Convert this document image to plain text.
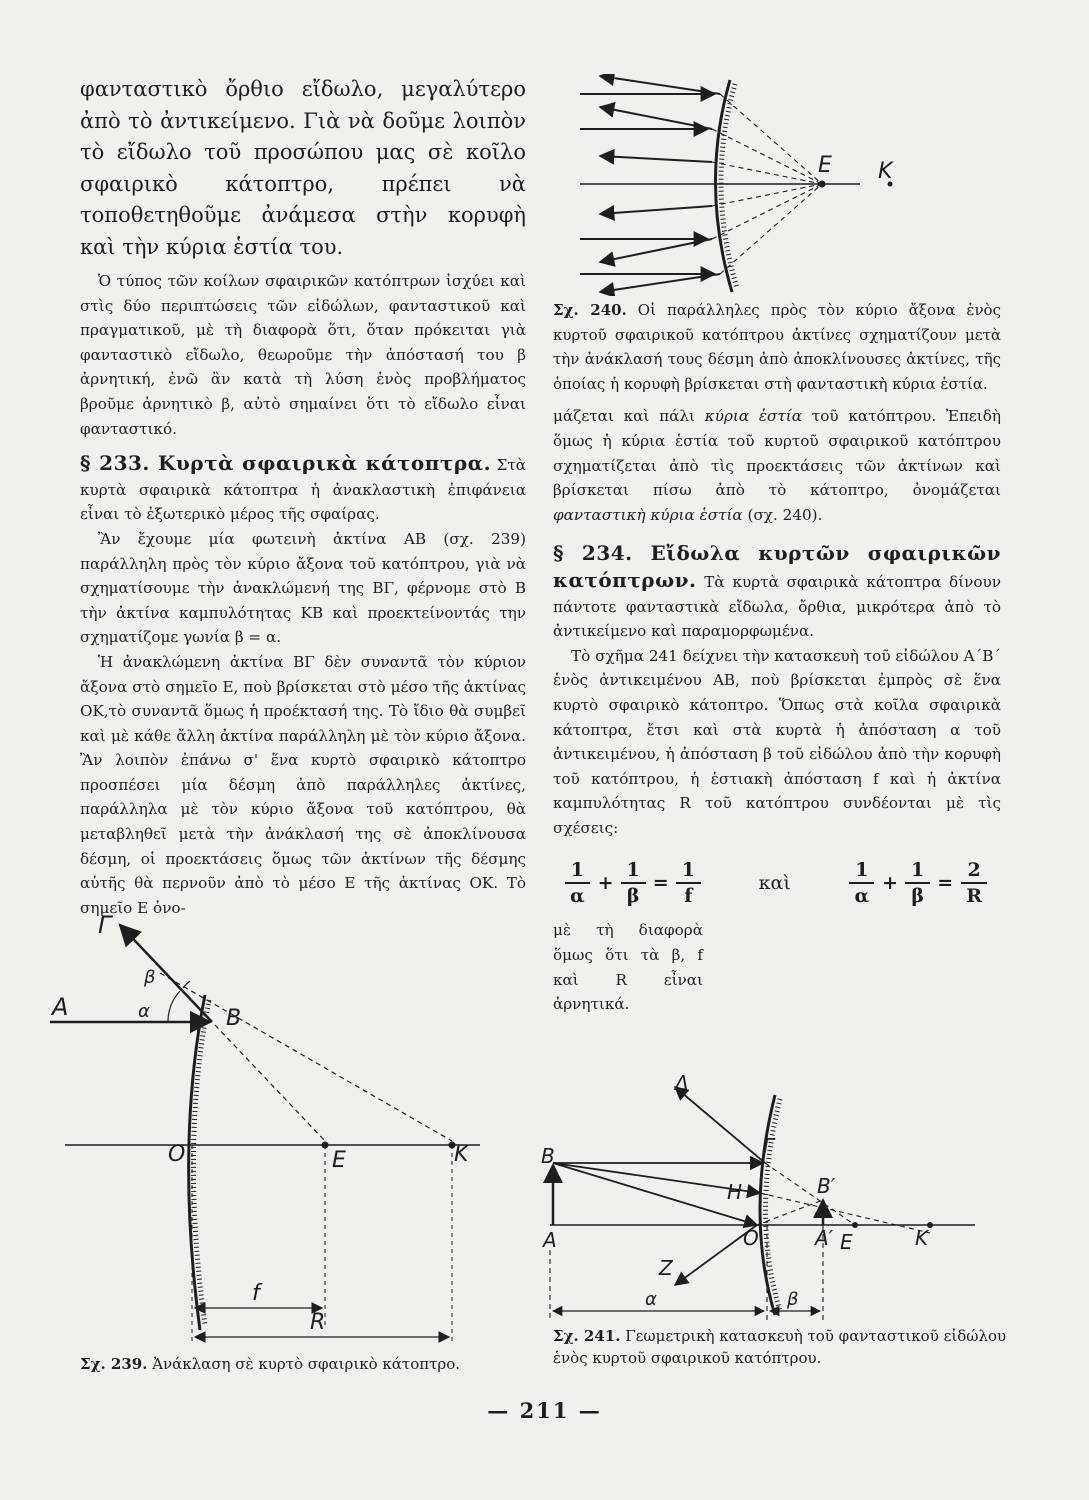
φανταστικὸ ὄρθιο εἴδωλο, μεγαλύτερο ἀπὸ τὸ ἀντικείμενο. Γιὰ νὰ δοῦμε λοιπὸν τὸ εἴδωλο τοῦ προσώπου μας σὲ κοῖλο σφαιρικὸ κάτοπτρο, πρέπει νὰ τοποθετηθοῦμε ἀνάμεσα στὴν κορυφὴ καὶ τὴν κύρια ἑστία του.

Ὁ τύπος τῶν κοίλων σφαιρικῶν κατόπτρων ἰσχύει καὶ στὶς δύο περιπτώσεις τῶν εἰδώλων, φανταστικοῦ καὶ πραγματικοῦ, μὲ τὴ διαφορὰ ὅτι, ὅταν πρόκειται γιὰ φανταστικὸ εἴδωλο, θεωροῦμε τὴν ἀπόστασή του β ἀρνητική, ἐνῶ ἂν κατὰ τὴ λύση ἑνὸς προβλήματος βροῦμε ἀρνητικὸ β, αὐτὸ σημαίνει ὅτι τὸ εἴδωλο εἶναι φανταστικό.

§ 233. Κυρτὰ σφαιρικὰ κάτοπτρα. Στὰ κυρτὰ σφαιρικὰ κάτοπτρα ἡ ἀνακλαστικὴ ἐπιφάνεια εἶναι τὸ ἐξωτερικὸ μέρος τῆς σφαίρας.

Ἂν ἔχουμε μία φωτεινὴ ἀκτίνα ΑΒ (σχ. 239) παράλληλη πρὸς τὸν κύριο ἄξονα τοῦ κατόπτρου, γιὰ νὰ σχηματίσουμε τὴν ἀνακλώμενή της ΒΓ, φέρνομε στὸ Β τὴν ἀκτίνα καμπυλότητας ΚΒ καὶ προεκτείνοντάς την σχηματίζομε γωνία β = α.

Ἡ ἀνακλώμενη ἀκτίνα ΒΓ δὲν συναντᾶ τὸν κύριον ἄξονα στὸ σημεῖο Ε, ποὺ βρίσκεται στὸ μέσο τῆς ἀκτίνας ΟΚ,τὸ συναντᾶ ὅμως ἡ προέκτασή της. Τὸ ἴδιο θὰ συμβεῖ καὶ μὲ κάθε ἄλλη ἀκτίνα παράλληλη μὲ τὸν κύριο ἄξονα. Ἂν λοιπὸν ἐπάνω σ' ἕνα κυρτὸ σφαιρικὸ κάτοπτρο προσπέσει μία δέσμη ἀπὸ παράλληλες ἀκτίνες, παράλληλα μὲ τὸν κύριο ἄξονα τοῦ κατόπτρου, θὰ μεταβληθεῖ μετὰ τὴν ἀνάκλασή της σὲ ἀποκλίνουσα δέσμη, οἱ προεκτάσεις ὅμως τῶν ἀκτίνων τῆς δέσμης αὐτῆς θὰ περνοῦν ἀπὸ τὸ μέσο Ε τῆς ἀκτίνας ΟΚ. Τὸ σημεῖο Ε ὀνο-

Γ
β
α
A	B
O	E	K
f
R
Σχ. 239. Ἀνάκλαση σὲ κυρτὸ σφαιρικὸ κάτοπτρο.
E K

Σχ. 240. Οἱ παράλληλες πρὸς τὸν κύριο ἄξονα ἑνὸς κυρτοῦ σφαιρικοῦ κατόπτρου ἀκτίνες σχηματίζουν μετὰ τὴν ἀνάκλασή τους δέσμη ἀπὸ ἀποκλίνουσες ἀκτίνες, τῆς ὁποίας ἡ κορυφὴ βρίσκεται στὴ φανταστικὴ κύρια ἑστία.

μάζεται καὶ πάλι κύρια ἑστία τοῦ κατόπτρου. Ἐπειδὴ ὅμως ἡ κύρια ἑστία τοῦ κυρτοῦ σφαιρικοῦ κατόπτρου σχηματίζεται ἀπὸ τὶς προεκτάσεις τῶν ἀκτίνων καὶ βρίσκεται πίσω ἀπὸ τὸ κάτοπτρο, ὀνομάζεται φανταστικὴ κύρια ἑστία (σχ. 240).

§ 234. Εἴδωλα κυρτῶν σφαιρικῶν κατόπτρων. Τὰ κυρτὰ σφαιρικὰ κάτοπτρα δίνουν πάντοτε φανταστικὰ εἴδωλα, ὄρθια, μικρότερα ἀπὸ τὸ ἀντικείμενο καὶ παραμορφωμένα.

Τὸ σχῆμα 241 δείχνει τὴν κατασκευὴ τοῦ εἰδώλου Α΄Β΄ ἑνὸς ἀντικειμένου ΑΒ, ποὺ βρίσκεται ἐμπρὸς σὲ ἕνα κυρτὸ σφαιρικὸ κάτοπτρο. Ὅπως στὰ κοῖλα σφαιρικὰ κάτοπτρα, ἔτσι καὶ στὰ κυρτὰ ἡ ἀπόσταση α τοῦ ἀντικειμένου, ἡ ἀπόσταση β τοῦ εἰδώλου ἀπὸ τὴν κορυφὴ τοῦ κατόπτρου, ἡ ἑστιακὴ ἀπόσταση f καὶ ἡ ἀκτίνα καμπυλότητας R τοῦ κατόπτρου συνδέονται μὲ τὶς σχέσεις:

$\frac{1}{\alpha} + \frac{1}{\beta} = \frac{1}{f}$	καὶ	$\frac{1}{\alpha} + \frac{1}{\beta} = \frac{2}{R}$

μὲ τὴ διαφορὰ ὅμως ὅτι τὰ β, f καὶ R εἶναι ἀρνητικά.

Δ
B	Γ
H	B′
A	O	A′ E	K
Z
α	β
Σχ. 241. Γεωμετρικὴ κατασκευὴ τοῦ φανταστικοῦ εἰδώλου ἑνὸς κυρτοῦ σφαιρικοῦ κατόπτρου.
— 211 —
